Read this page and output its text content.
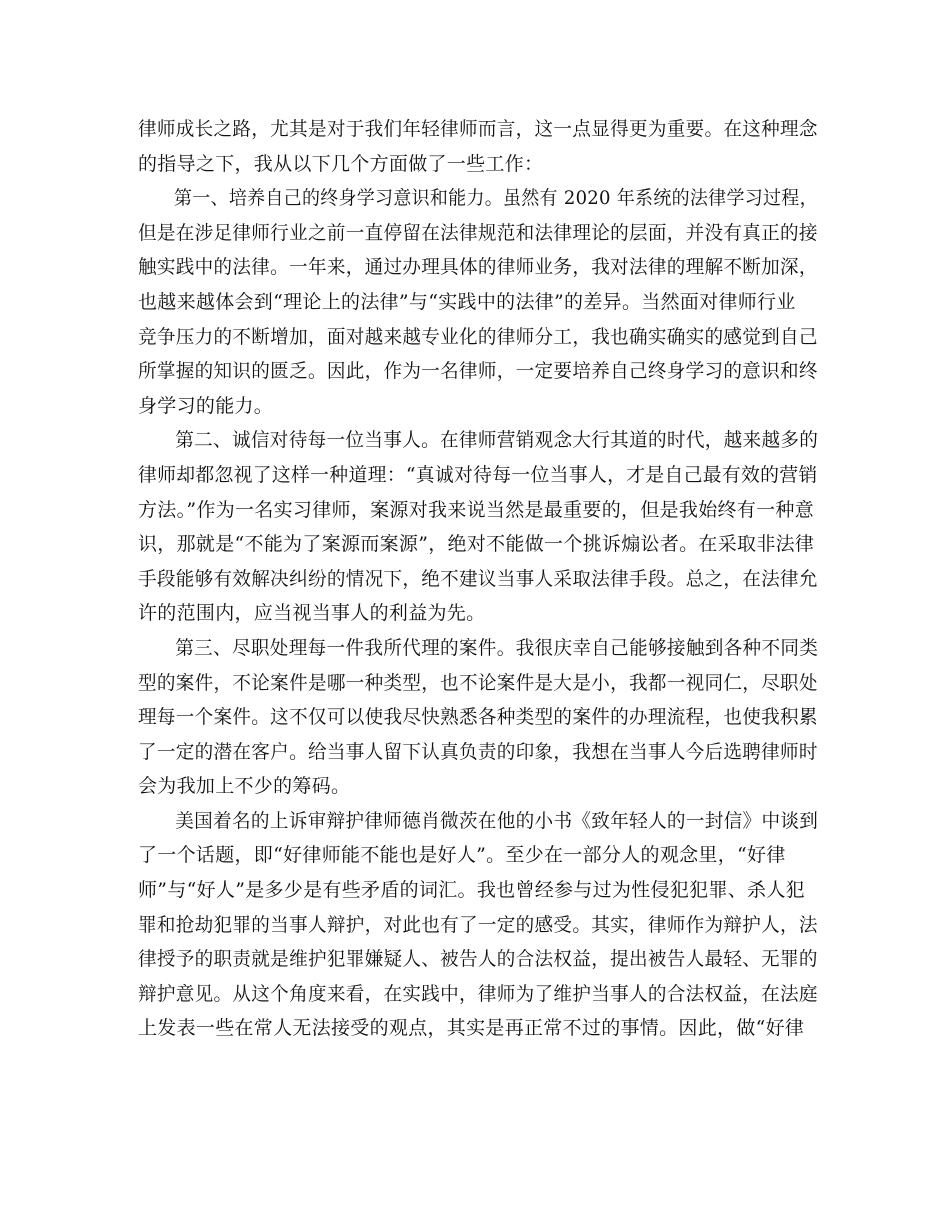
律师成长之路，尤其是对于我们年轻律师而言，这一点显得更为重要。在这种理念
的指导之下，我从以下几个方面做了一些工作：
第一、培养自己的终身学习意识和能力。虽然有 2020 年系统的法律学习过程，
但是在涉足律师行业之前一直停留在法律规范和法律理论的层面，并没有真正的接
触实践中的法律。一年来，通过办理具体的律师业务，我对法律的理解不断加深，
也越来越体会到“理论上的法律”与“实践中的法律”的差异。当然面对律师行业
竞争压力的不断增加，面对越来越专业化的律师分工，我也确实确实的感觉到自己
所掌握的知识的匮乏。因此，作为一名律师，一定要培养自己终身学习的意识和终
身学习的能力。
第二、诚信对待每一位当事人。在律师营销观念大行其道的时代，越来越多的
律师却都忽视了这样一种道理：“真诚对待每一位当事人，才是自己最有效的营销
方法。”作为一名实习律师，案源对我来说当然是最重要的，但是我始终有一种意
识，那就是“不能为了案源而案源”，绝对不能做一个挑诉煽讼者。在采取非法律
手段能够有效解决纠纷的情况下，绝不建议当事人采取法律手段。总之，在法律允
许的范围内，应当视当事人的利益为先。
第三、尽职处理每一件我所代理的案件。我很庆幸自己能够接触到各种不同类
型的案件，不论案件是哪一种类型，也不论案件是大是小，我都一视同仁，尽职处
理每一个案件。这不仅可以使我尽快熟悉各种类型的案件的办理流程，也使我积累
了一定的潜在客户。给当事人留下认真负责的印象，我想在当事人今后选聘律师时
会为我加上不少的筹码。
美国着名的上诉审辩护律师德肖微茨在他的小书《致年轻人的一封信》中谈到
了一个话题，即“好律师能不能也是好人”。至少在一部分人的观念里，“好律
师”与“好人”是多少是有些矛盾的词汇。我也曾经参与过为性侵犯犯罪、杀人犯
罪和抢劫犯罪的当事人辩护，对此也有了一定的感受。其实，律师作为辩护人，法
律授予的职责就是维护犯罪嫌疑人、被告人的合法权益，提出被告人最轻、无罪的
辩护意见。从这个角度来看，在实践中，律师为了维护当事人的合法权益，在法庭
上发表一些在常人无法接受的观点，其实是再正常不过的事情。因此，做“好律
